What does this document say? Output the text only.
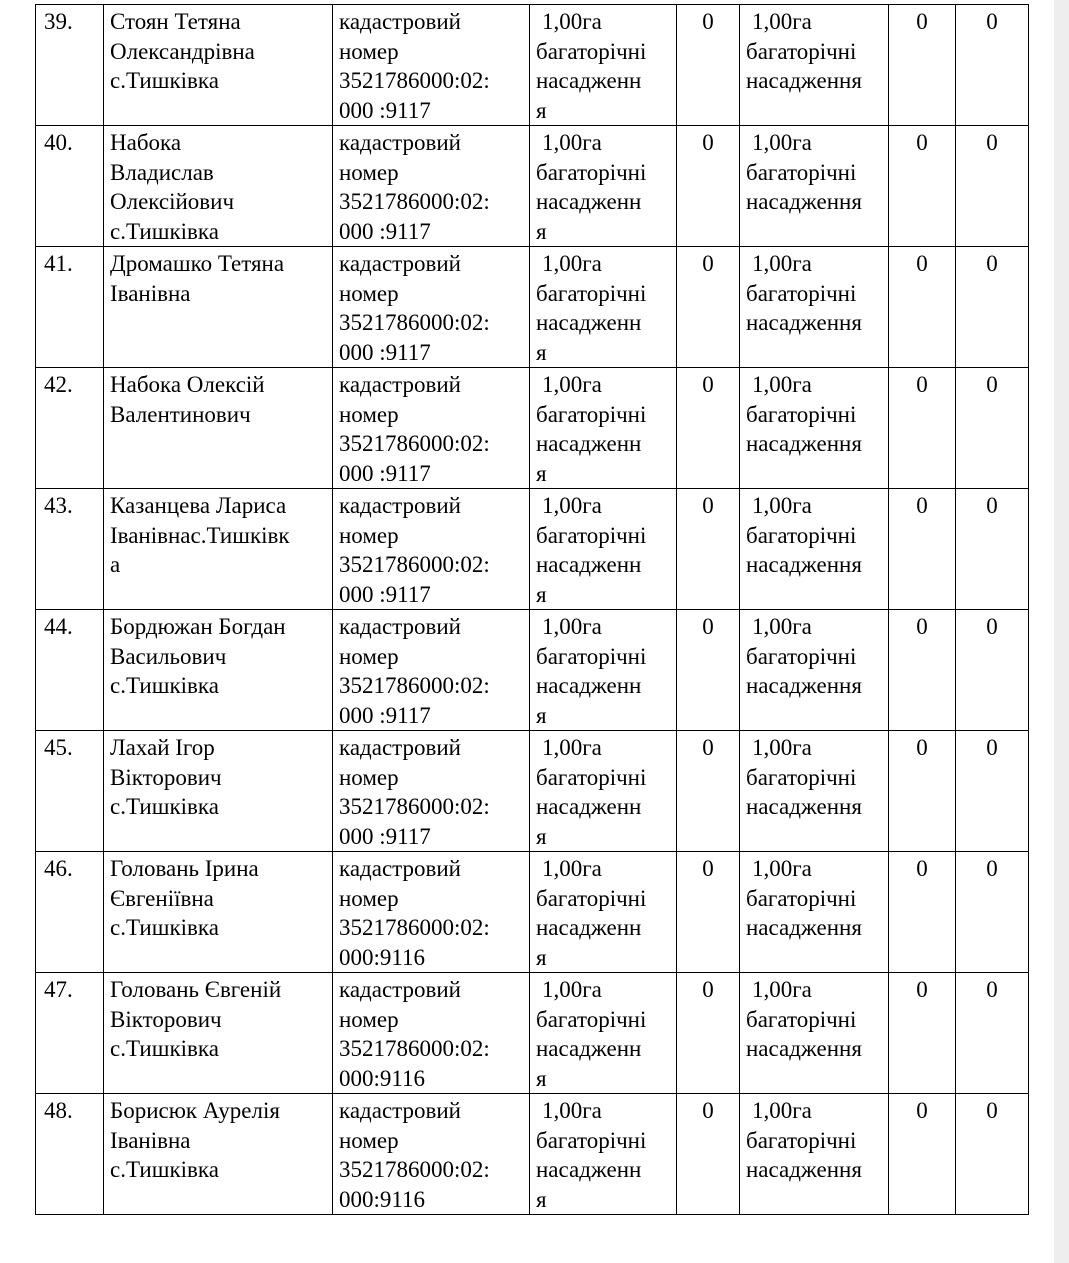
39.	Стоян Тетяна
Олександрівна
с.Тишківка	кадастровий
номер
3521786000:02:
000 :9117	1,00га
багаторічні
насадженн
я	0	1,00га
багаторічні
насадження	0	0
40.	Набока
Владислав
Олексійович
с.Тишківка	кадастровий
номер
3521786000:02:
000 :9117	1,00га
багаторічні
насадженн
я	0	1,00га
багаторічні
насадження	0	0
41.	Дромашко Тетяна
Іванівна	кадастровий
номер
3521786000:02:
000 :9117	1,00га
багаторічні
насадженн
я	0	1,00га
багаторічні
насадження	0	0
42.	Набока Олексій
Валентинович	кадастровий
номер
3521786000:02:
000 :9117	1,00га
багаторічні
насадженн
я	0	1,00га
багаторічні
насадження	0	0
43.	Казанцева Лариса
Іванівнас.Тишківк
а	кадастровий
номер
3521786000:02:
000 :9117	1,00га
багаторічні
насадженн
я	0	1,00га
багаторічні
насадження	0	0
44.	Бордюжан Богдан
Васильович
с.Тишківка	кадастровий
номер
3521786000:02:
000 :9117	1,00га
багаторічні
насадженн
я	0	1,00га
багаторічні
насадження	0	0
45.	Лахай Ігор
Вікторович
с.Тишківка	кадастровий
номер
3521786000:02:
000 :9117	1,00га
багаторічні
насадженн
я	0	1,00га
багаторічні
насадження	0	0
46.	Головань Ірина
Євгеніївна
с.Тишківка	кадастровий
номер
3521786000:02:
000:9116	1,00га
багаторічні
насадженн
я	0	1,00га
багаторічні
насадження	0	0
47.	Головань Євгеній
Вікторович
с.Тишківка	кадастровий
номер
3521786000:02:
000:9116	1,00га
багаторічні
насадженн
я	0	1,00га
багаторічні
насадження	0	0
48.	Борисюк Аурелія
Іванівна
с.Тишківка	кадастровий
номер
3521786000:02:
000:9116	1,00га
багаторічні
насадженн
я	0	1,00га
багаторічні
насадження	0	0
